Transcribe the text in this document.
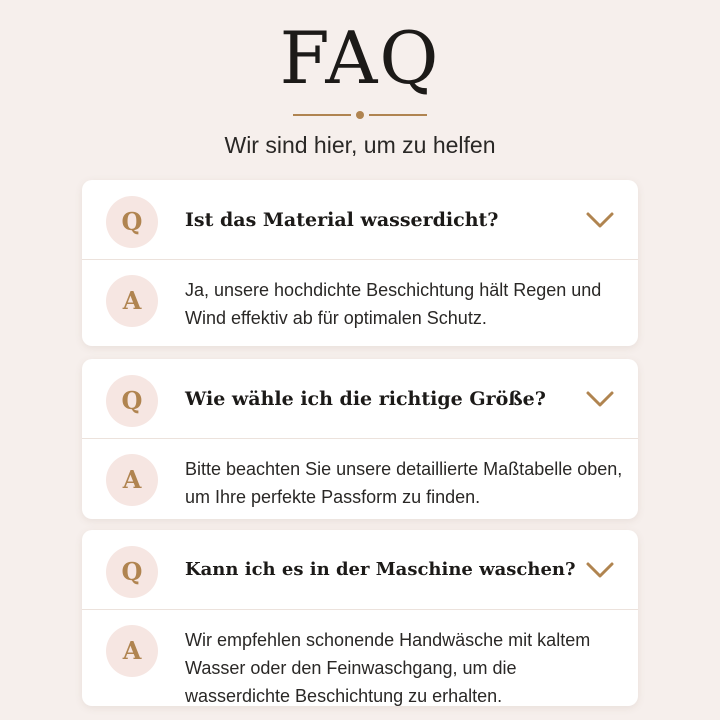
FAQ
Wir sind hier, um zu helfen
Q	Ist das Material wasserdicht?
A	Ja, unsere hochdichte Beschichtung hält Regen und Wind effektiv ab für optimalen Schutz.
Q	Wie wähle ich die richtige Größe?
A	Bitte beachten Sie unsere detaillierte Maßtabelle oben, um Ihre perfekte Passform zu finden.
Q	Kann ich es in der Maschine waschen?
A	Wir empfehlen schonende Handwäsche mit kaltem Wasser oder den Feinwaschgang, um die wasserdichte Beschichtung zu erhalten.
